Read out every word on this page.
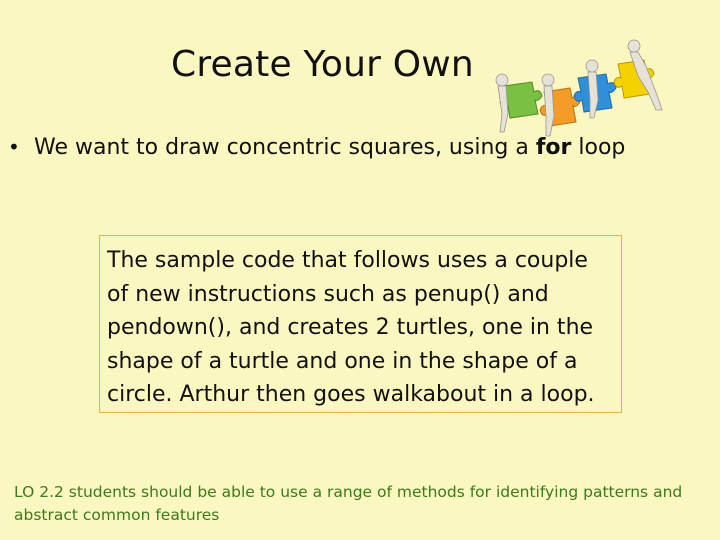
Create Your Own
• We want to draw concentric squares, using a for loop
The sample code that follows uses a couple of new instructions such as penup() and pendown(), and creates 2 turtles, one in the shape of a turtle and one in the shape of a circle. Arthur then goes walkabout in a loop.
LO 2.2 students should be able to use a range of methods for identifying patterns and abstract common features
